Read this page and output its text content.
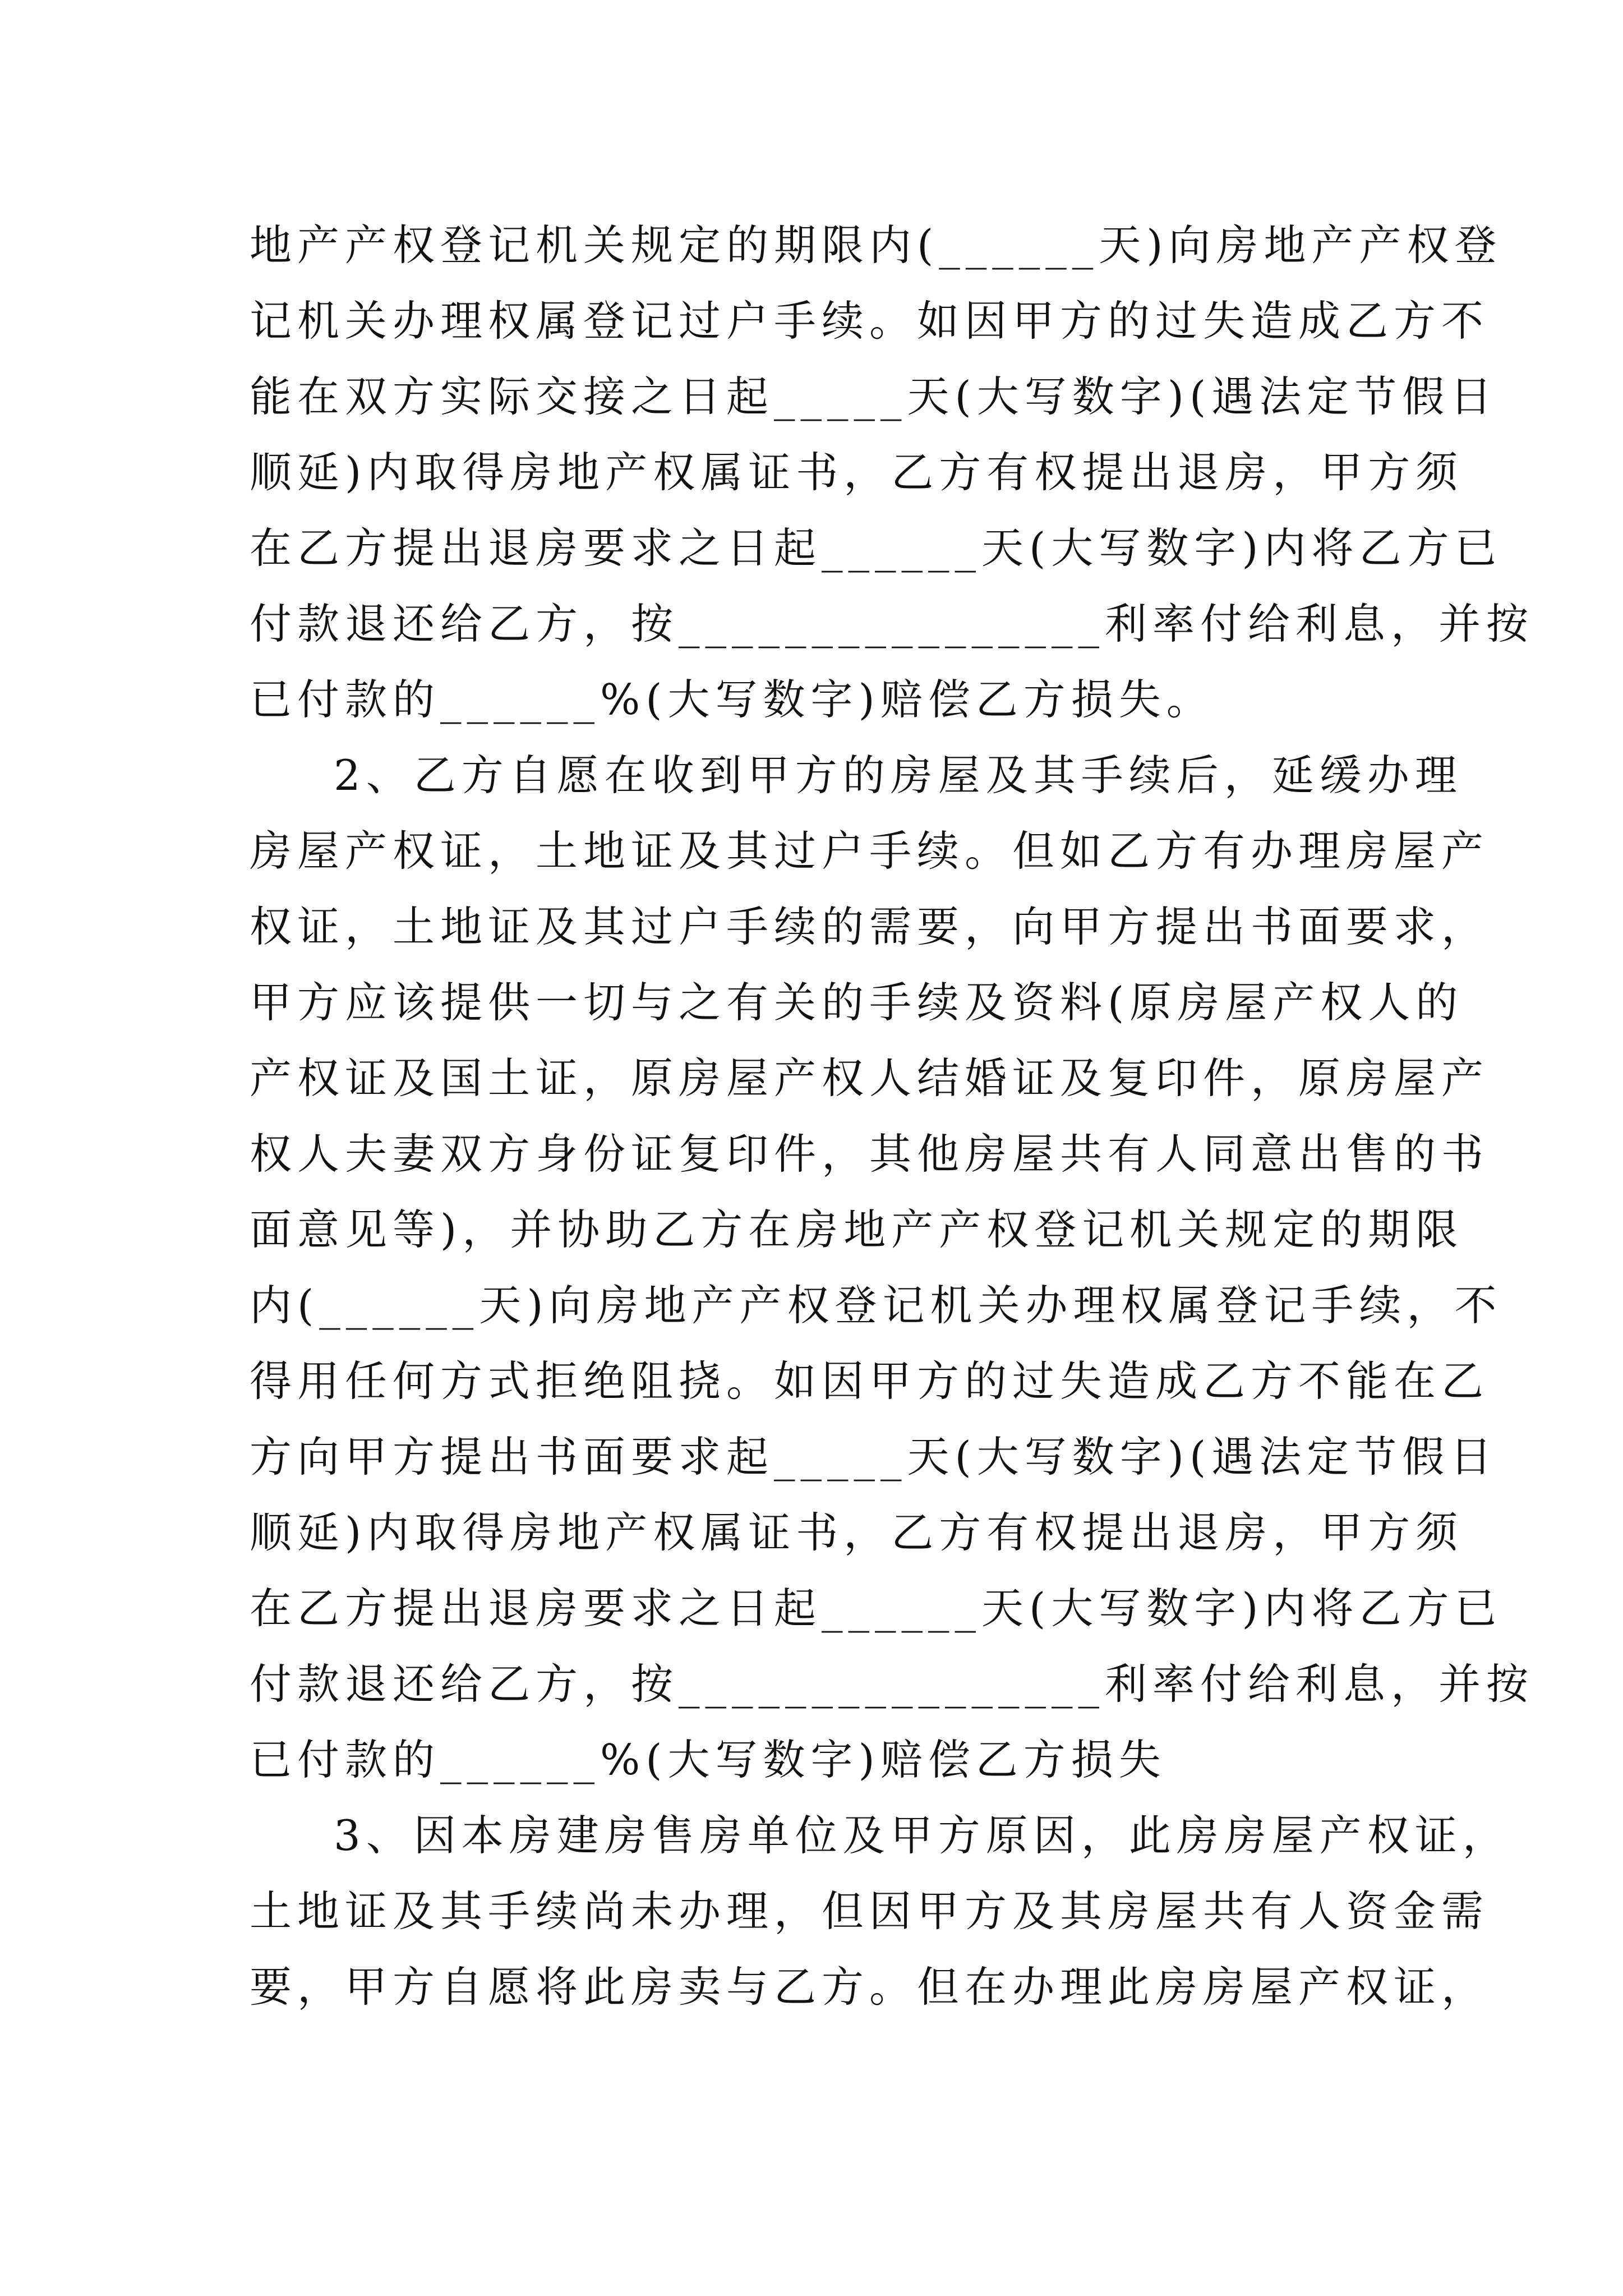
地产产权登记机关规定的期限内(______天)向房地产产权登
记机关办理权属登记过户手续。如因甲方的过失造成乙方不
能在双方实际交接之日起_____天(大写数字)(遇法定节假日
顺延)内取得房地产权属证书，乙方有权提出退房，甲方须
在乙方提出退房要求之日起______天(大写数字)内将乙方已
付款退还给乙方，按________________利率付给利息，并按
已付款的______%(大写数字)赔偿乙方损失。
2、乙方自愿在收到甲方的房屋及其手续后，延缓办理
房屋产权证，土地证及其过户手续。但如乙方有办理房屋产
权证，土地证及其过户手续的需要，向甲方提出书面要求，
甲方应该提供一切与之有关的手续及资料(原房屋产权人的
产权证及国土证，原房屋产权人结婚证及复印件，原房屋产
权人夫妻双方身份证复印件，其他房屋共有人同意出售的书
面意见等)，并协助乙方在房地产产权登记机关规定的期限
内(______天)向房地产产权登记机关办理权属登记手续，不
得用任何方式拒绝阻挠。如因甲方的过失造成乙方不能在乙
方向甲方提出书面要求起_____天(大写数字)(遇法定节假日
顺延)内取得房地产权属证书，乙方有权提出退房，甲方须
在乙方提出退房要求之日起______天(大写数字)内将乙方已
付款退还给乙方，按________________利率付给利息，并按
已付款的______%(大写数字)赔偿乙方损失
3、因本房建房售房单位及甲方原因，此房房屋产权证，
土地证及其手续尚未办理，但因甲方及其房屋共有人资金需
要，甲方自愿将此房卖与乙方。但在办理此房房屋产权证，
